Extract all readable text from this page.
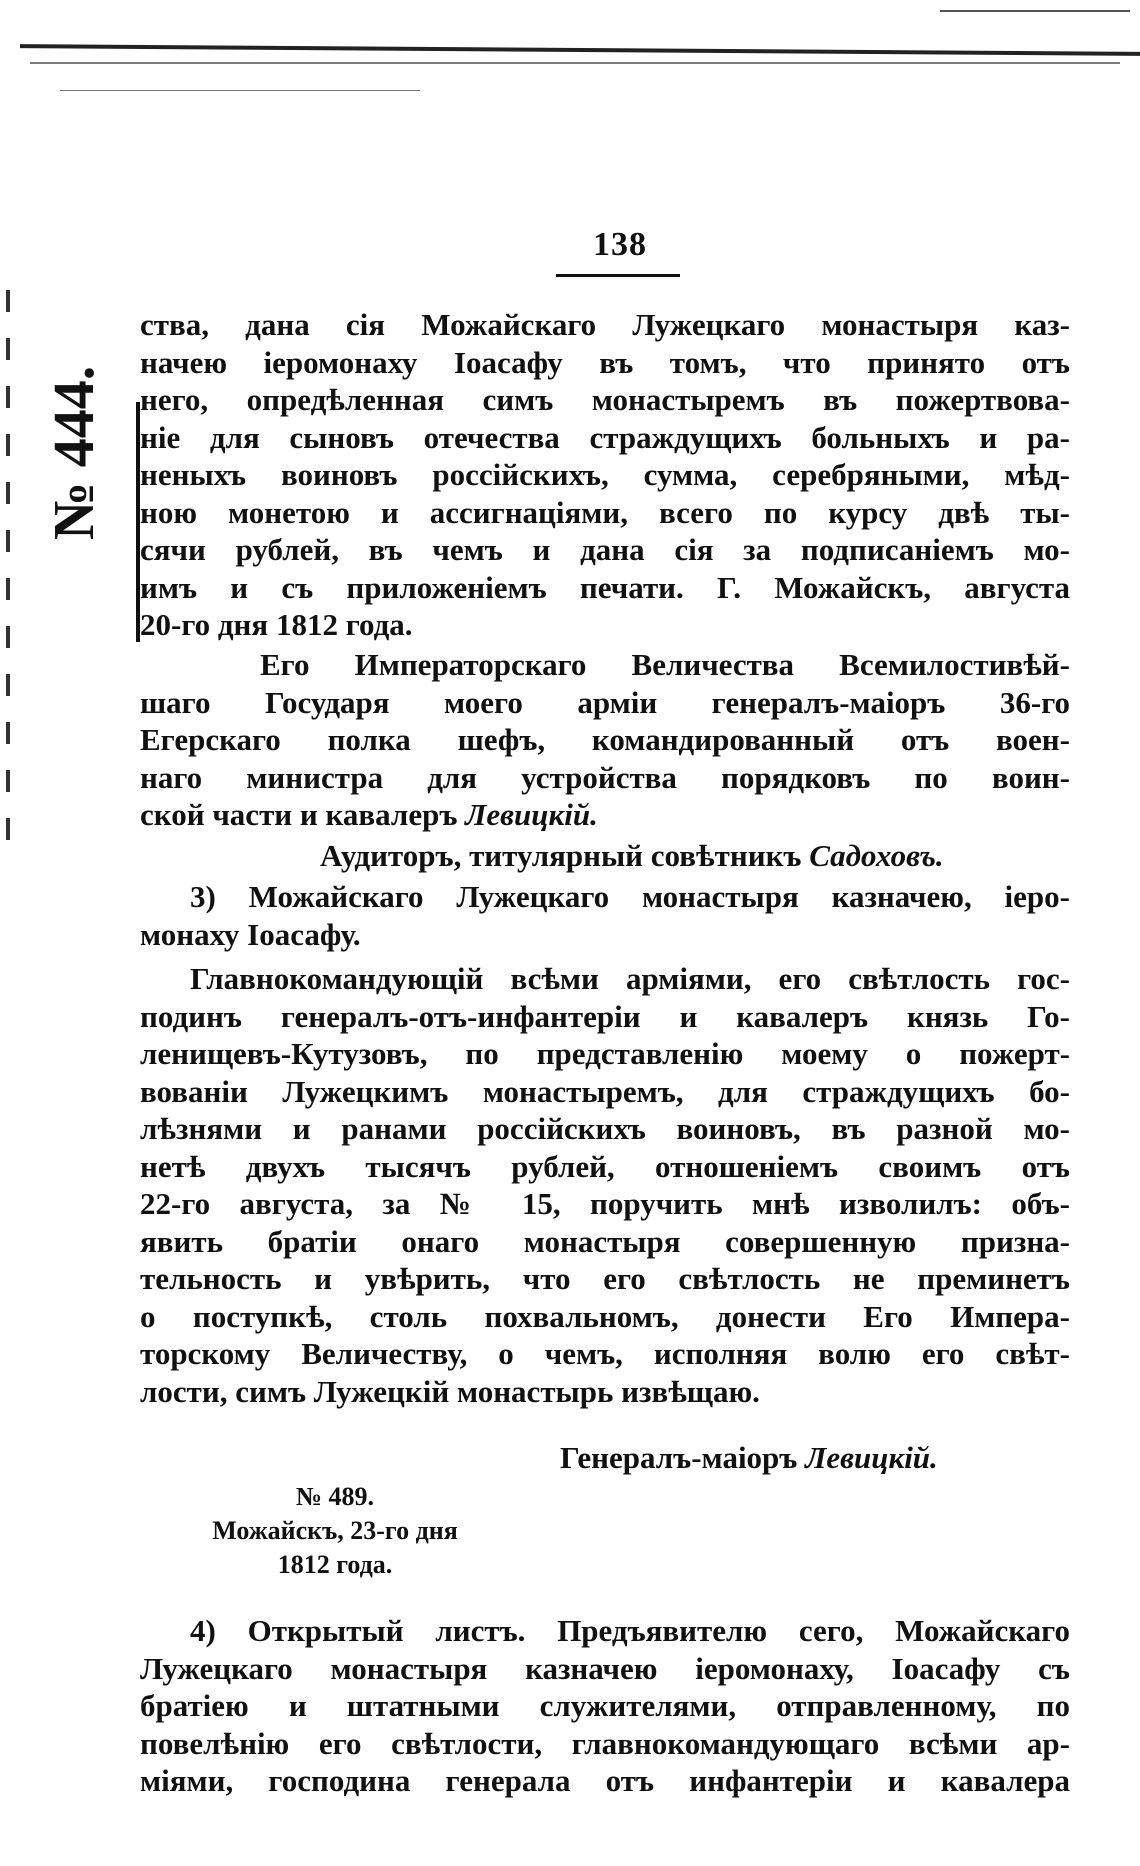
138
№ 444.
ства, дана сія Можайскаго Лужецкаго монастыря каз-
начею іеромонаху Іоасафу въ томъ, что принято отъ
него, опредѣленная симъ монастыремъ въ пожертвова-
ніе для сыновъ отечества страждущихъ больныхъ и ра-
неныхъ воиновъ россійскихъ, сумма, серебряными, мѣд-
ною монетою и ассигнаціями, всего по курсу двѣ ты-
сячи рублей, въ чемъ и дана сія за подписаніемъ мо-
имъ и съ приложеніемъ печати. Г. Можайскъ, августа
20-го дня 1812 года.
Его Императорскаго Величества Всемилостивѣй-
шаго Государя моего арміи генералъ-маіоръ 36-го
Егерскаго полка шефъ, командированный отъ воен-
наго министра для устройства порядковъ по воин-
ской части и кавалеръ Левицкій.
Аудиторъ, титулярный совѣтникъ Садоховъ.
3) Можайскаго Лужецкаго монастыря казначею, іеро-
монаху Іоасафу.
Главнокомандующій всѣми арміями, его свѣтлость гос-
подинъ генералъ-отъ-инфантеріи и кавалеръ князь Го-
ленищевъ-Кутузовъ, по представленію моему о пожерт-
вованіи Лужецкимъ монастыремъ, для страждущихъ бо-
лѣзнями и ранами россійскихъ воиновъ, въ разной мо-
нетѣ двухъ тысячъ рублей, отношеніемъ своимъ отъ
22-го августа, за № 15, поручить мнѣ изволилъ: объ-
явить братіи онаго монастыря совершенную призна-
тельность и увѣрить, что его свѣтлость не преминетъ
о поступкѣ, столь похвальномъ, донести Его Импера-
торскому Величеству, о чемъ, исполняя волю его свѣт-
лости, симъ Лужецкій монастырь извѣщаю.
Генералъ-маіоръ Левицкій.
№ 489.
Можайскъ, 23-го дня
1812 года.
4) Открытый листъ. Предъявителю сего, Можайскаго
Лужецкаго монастыря казначею іеромонаху, Іоасафу съ
братіею и штатными служителями, отправленному, по
повелѣнію его свѣтлости, главнокомандующаго всѣми ар-
міями, господина генерала отъ инфантеріи и кавалера
